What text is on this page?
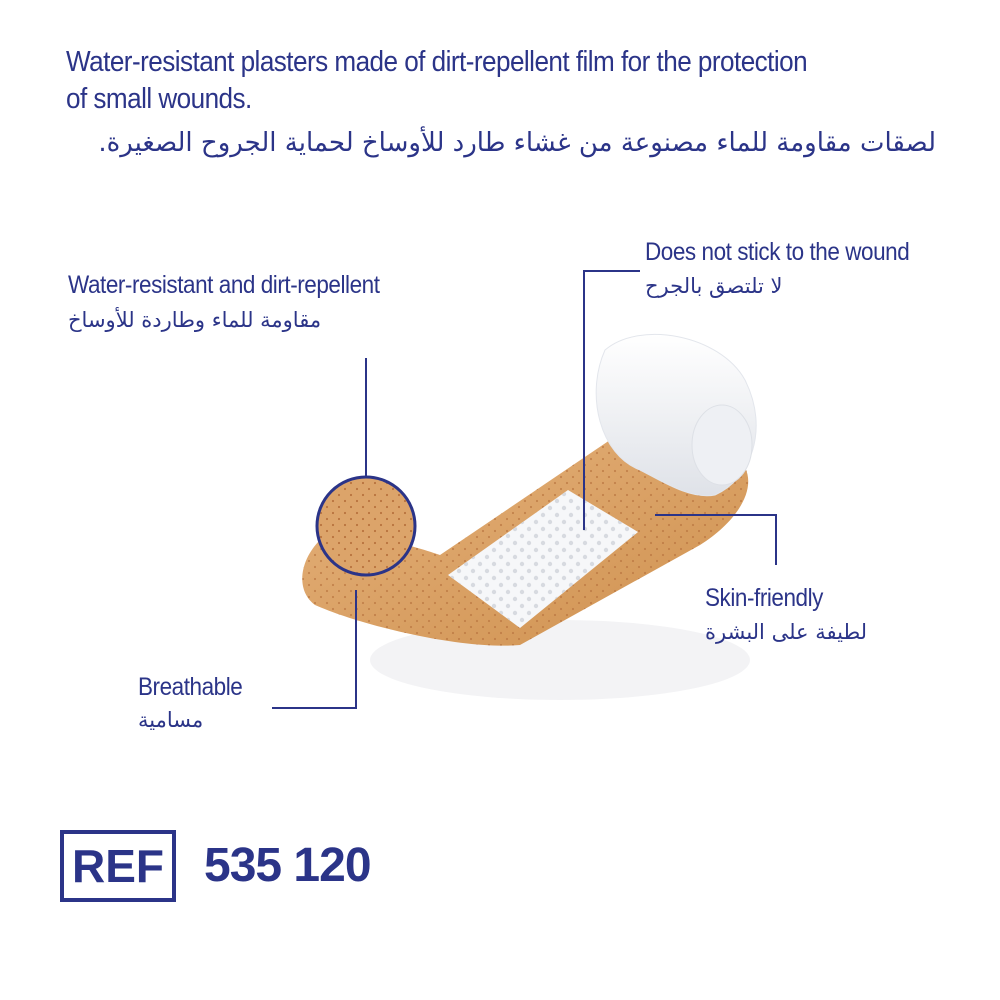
Water-resistant plasters made of dirt-repellent film for the protection
of small wounds.
لصقات مقاومة للماء مصنوعة من غشاء طارد للأوساخ لحماية الجروح الصغيرة.
Water-resistant and dirt-repellent
مقاومة للماء وطاردة للأوساخ
Does not stick to the wound
لا تلتصق بالجرح
Skin-friendly
لطيفة على البشرة
Breathable
مسامية
REF 535 120
